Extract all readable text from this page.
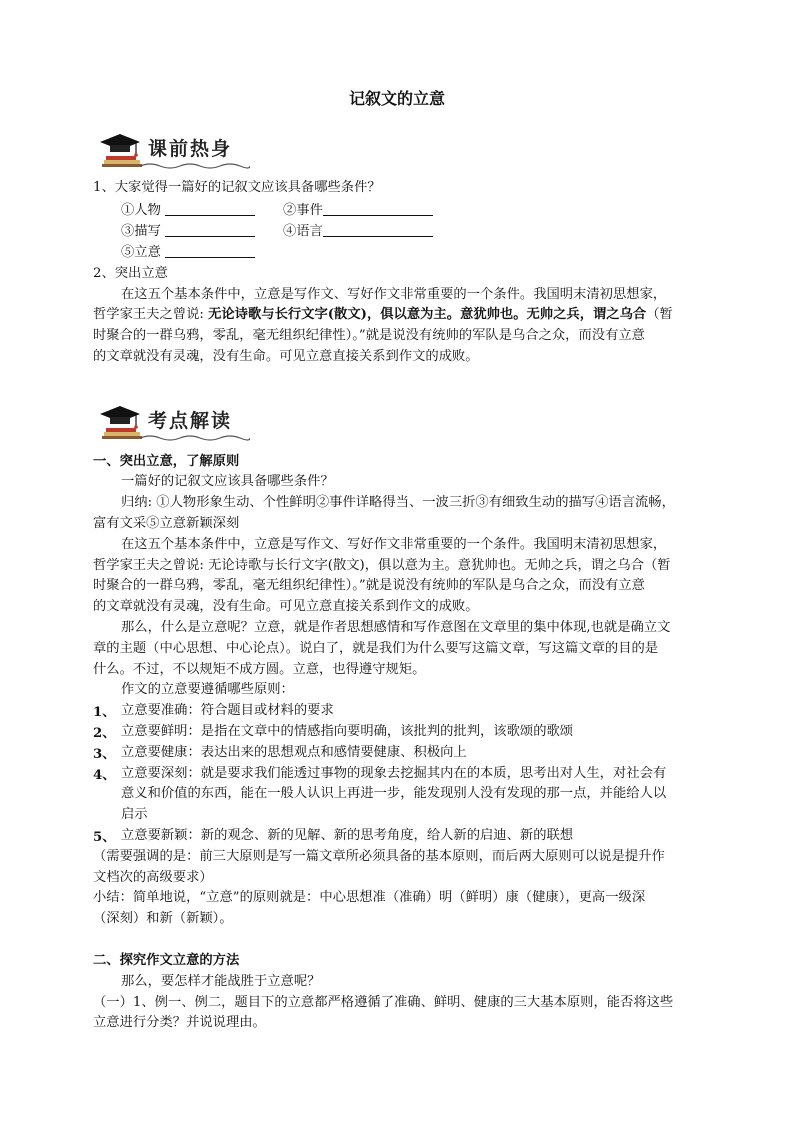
记叙文的立意
课前热身
1、大家觉得一篇好的记叙文应该具备哪些条件？
①人物	②事件
③描写	④语言
⑤立意
2、突出立意
在这五个基本条件中，立意是写作文、写好作文非常重要的一个条件。我国明末清初思想家，
哲学家王夫之曾说: 无论诗歌与长行文字(散文)，俱以意为主。意犹帅也。无帅之兵，谓之乌合（暂
时聚合的一群乌鸦，零乱，毫无组织纪律性）。”就是说没有统帅的军队是乌合之众，而没有立意
的文章就没有灵魂，没有生命。可见立意直接关系到作文的成败。
考点解读
一、突出立意，了解原则
一篇好的记叙文应该具备哪些条件？
归纳: ①人物形象生动、个性鲜明②事件详略得当、一波三折③有细致生动的描写④语言流畅，
富有文采⑤立意新颖深刻
在这五个基本条件中，立意是写作文、写好作文非常重要的一个条件。我国明末清初思想家，
哲学家王夫之曾说: 无论诗歌与长行文字(散文)，俱以意为主。意犹帅也。无帅之兵，谓之乌合（暂
时聚合的一群乌鸦，零乱，毫无组织纪律性）。”就是说没有统帅的军队是乌合之众，而没有立意
的文章就没有灵魂，没有生命。可见立意直接关系到作文的成败。
那么，什么是立意呢？立意，就是作者思想感情和写作意图在文章里的集中体现,也就是确立文
章的主题（中心思想、中心论点）。说白了，就是我们为什么要写这篇文章，写这篇文章的目的是
什么。不过，不以规矩不成方圆。立意，也得遵守规矩。
作文的立意要遵循哪些原则：
1、 立意要准确：符合题目或材料的要求
2、 立意要鲜明：是指在文章中的情感指向要明确，该批判的批判，该歌颂的歌颂
3、 立意要健康：表达出来的思想观点和感情要健康、积极向上
4、 立意要深刻：就是要求我们能透过事物的现象去挖掘其内在的本质，思考出对人生，对社会有
意义和价值的东西，能在一般人认识上再进一步，能发现别人没有发现的那一点，并能给人以
启示
5、 立意要新颖：新的观念、新的见解、新的思考角度，给人新的启迪、新的联想
（需要强调的是：前三大原则是写一篇文章所必须具备的基本原则，而后两大原则可以说是提升作
文档次的高级要求）
小结：简单地说，“立意”的原则就是：中心思想准（准确）明（鲜明）康（健康），更高一级深
（深刻）和新（新颖）。
二、探究作文立意的方法
那么，要怎样才能战胜于立意呢？
（一）1、例一、例二，题目下的立意都严格遵循了准确、鲜明、健康的三大基本原则，能否将这些
立意进行分类？并说说理由。
